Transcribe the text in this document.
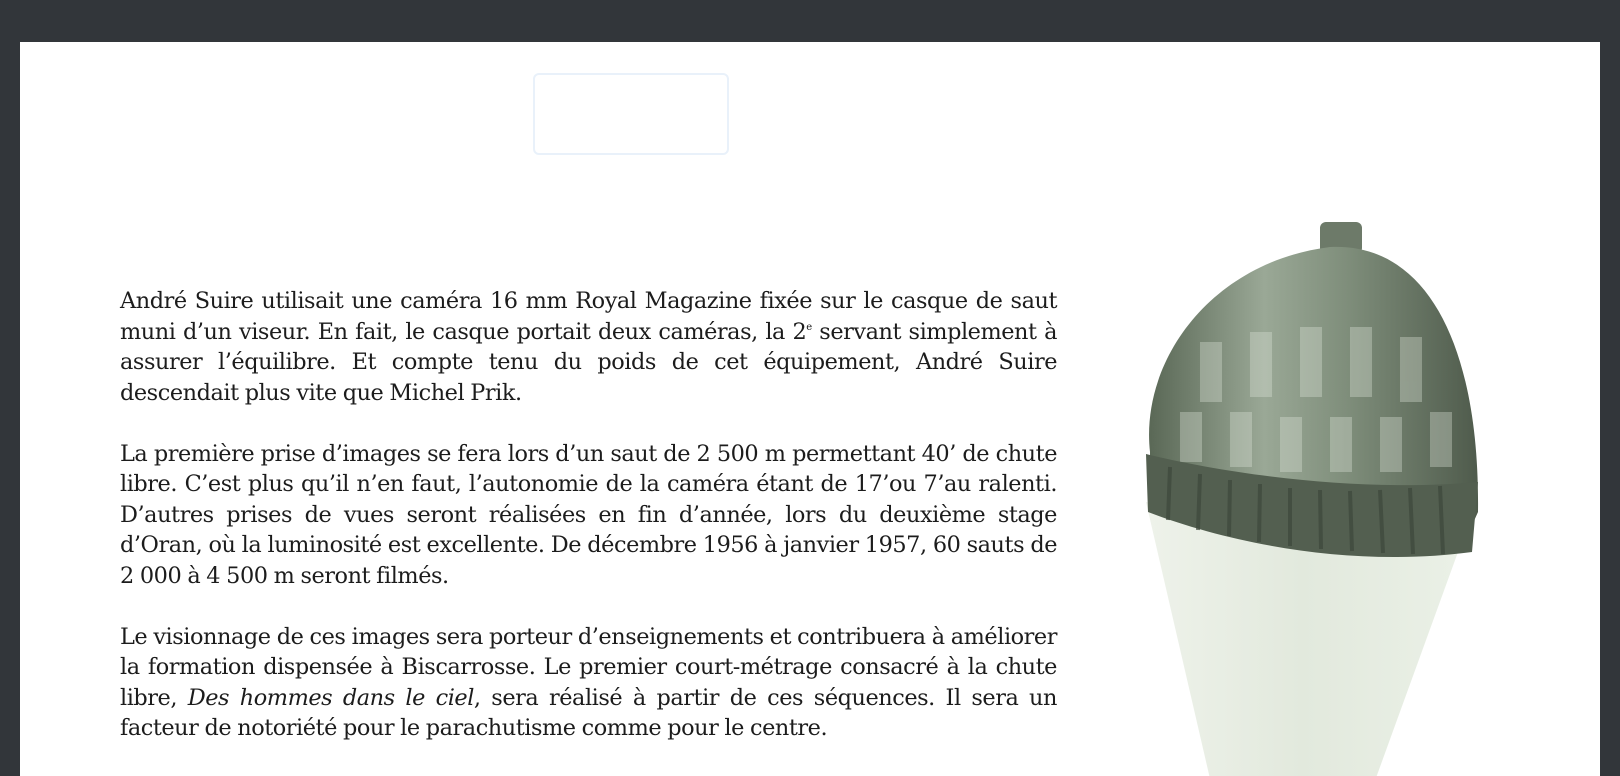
André Suire utilisait une caméra 16 mm Royal Magazine fixée sur le casque de saut muni d’un viseur. En fait, le casque portait deux caméras, la 2e servant simplement à assurer l’équilibre. Et compte tenu du poids de cet équipement, André Suire descendait plus vite que Michel Prik.

La première prise d’images se fera lors d’un saut de 2 500 m permettant 40’ de chute libre. C’est plus qu’il n’en faut, l’autonomie de la caméra étant de 17’ou 7’au ralenti. D’autres prises de vues seront réalisées en fin d’année, lors du deuxième stage d’Oran, où la luminosité est excellente. De décembre 1956 à janvier 1957, 60 sauts de 2 000 à 4 500 m seront filmés.

Le visionnage de ces images sera porteur d’enseignements et contribuera à améliorer la formation dispensée à Biscarrosse. Le premier court-métrage consacré à la chute libre, Des hommes dans le ciel, sera réalisé à partir de ces séquences. Il sera un facteur de notoriété pour le parachutisme comme pour le centre.
